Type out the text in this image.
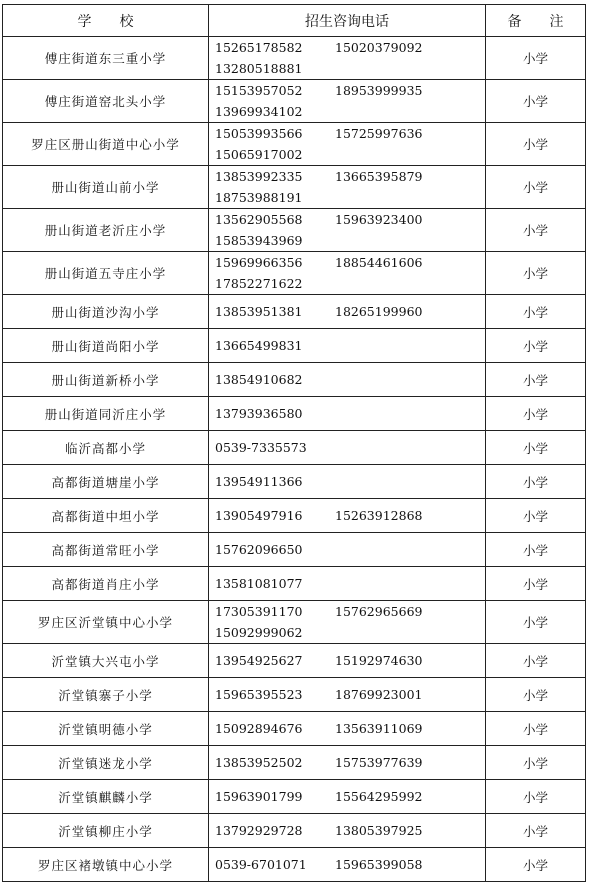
学　　校	招生咨询电话	备　　注
傅庄街道东三重小学	15265178582 15020379092
13280518881	小学
傅庄街道窑北头小学	15153957052 18953999935
13969934102	小学
罗庄区册山街道中心小学	15053993566 15725997636
15065917002	小学
册山街道山前小学	13853992335 13665395879
18753988191	小学
册山街道老沂庄小学	13562905568 15963923400
15853943969	小学
册山街道五寺庄小学	15969966356 18854461606
17852271622	小学
册山街道沙沟小学	13853951381 18265199960	小学
册山街道尚阳小学	13665499831	小学
册山街道新桥小学	13854910682	小学
册山街道同沂庄小学	13793936580	小学
临沂高都小学	0539-7335573	小学
高都街道塘崖小学	13954911366	小学
高都街道中坦小学	13905497916 15263912868	小学
高都街道常旺小学	15762096650	小学
高都街道肖庄小学	13581081077	小学
罗庄区沂堂镇中心小学	17305391170 15762965669
15092999062	小学
沂堂镇大兴屯小学	13954925627 15192974630	小学
沂堂镇寨子小学	15965395523 18769923001	小学
沂堂镇明德小学	15092894676 13563911069	小学
沂堂镇迷龙小学	13853952502 15753977639	小学
沂堂镇麒麟小学	15963901799 15564295992	小学
沂堂镇柳庄小学	13792929728 13805397925	小学
罗庄区褚墩镇中心小学	0539-6701071 15965399058	小学
